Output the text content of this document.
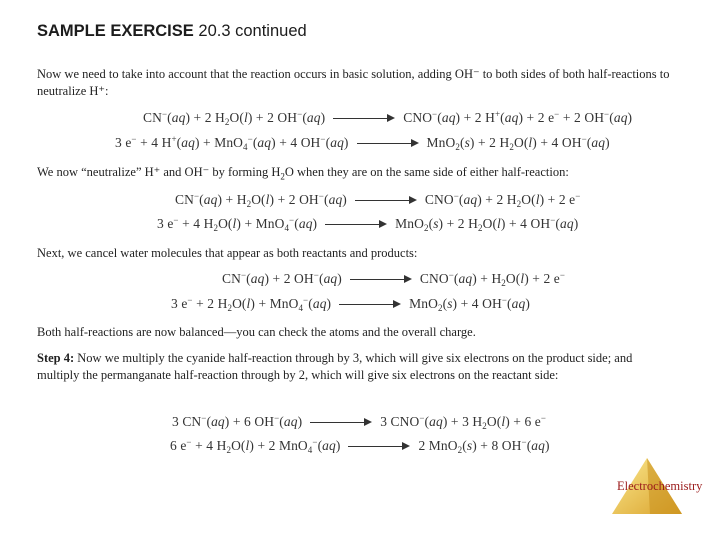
SAMPLE EXERCISE 20.3 continued
Now we need to take into account that the reaction occurs in basic solution, adding OH⁻ to both sides of both half-reactions to neutralize H⁺:
CN−(aq) + 2 $H_2O(l) + 2$ OH−(aq)	CNO−(aq) + 2 H+(aq) + 2 e− + 2 OH−(aq)
3 e− + 4 H+(aq) + MnO$_4$−(aq) + 4 OH−(aq)	MnO$_2$(s) + 2 $H_2O(l) + 4$ OH−(aq)
We now “neutralize” H⁺ and OH⁻ by forming $H_2O$ when they are on the same side of either half-reaction:
$CN^-(aq) + H_2O(l) + 2$ OH−(aq)	CNO−(aq) + 2 $H_2O(l) + 2$ e−
3 e− + 4 $H_2O(l) + MnO_4^-(aq)$	MnO$_2$(s) + 2 $H_2O(l) + 4$ OH−(aq)
Next, we cancel water molecules that appear as both reactants and products:
CN−(aq) + 2 OH−(aq)	$CNO^-(aq) + H_2O(l) + 2$ e−
3 e− + 2 $H_2O(l) + MnO_4^-(aq)$	MnO$_2$(s) + 4 OH−(aq)
Both half-reactions are now balanced—you can check the atoms and the overall charge.
Step 4: Now we multiply the cyanide half-reaction through by 3, which will give six electrons on the product side; and multiply the permanganate half-reaction through by 2, which will give six electrons on the reactant side:
3 CN−(aq) + 6 OH−(aq)	3 CNO−(aq) + 3 $H_2O(l) + 6$ e−
6 e− + 4 $H_2O(l) + 2$ MnO$_4$−(aq)	2 MnO$_2$(s) + 8 OH−(aq)
Electrochemistry
